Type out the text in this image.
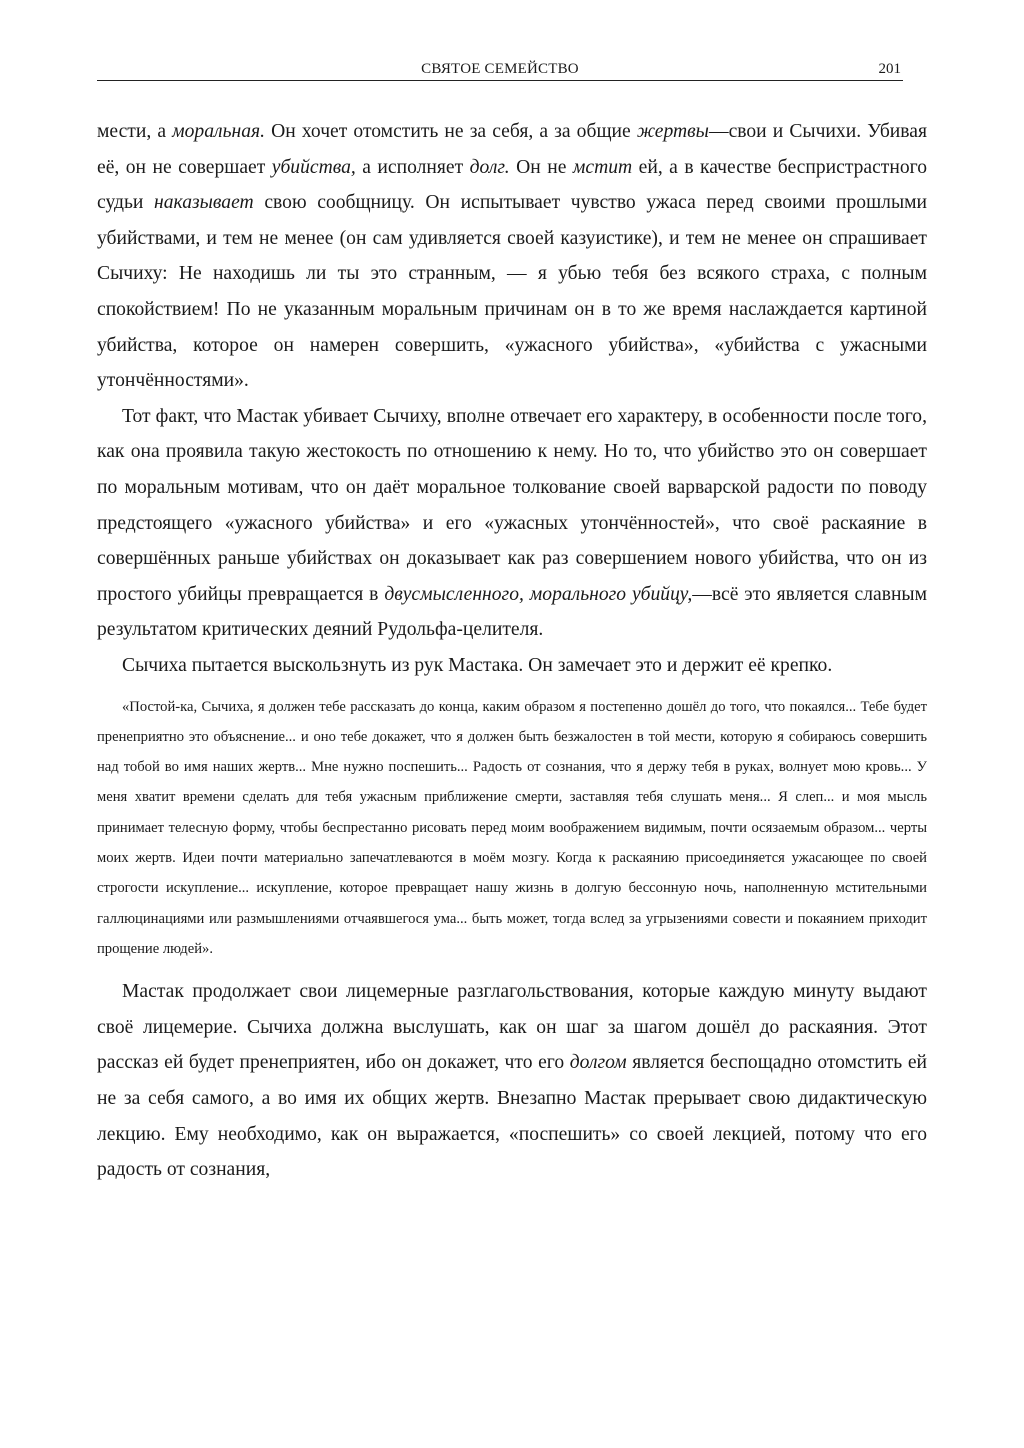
СВЯТОЕ СЕМЕЙСТВО	201

мести, а моральная. Он хочет отомстить не за себя, а за общие жертвы—свои и Сычихи. Убивая её, он не совершает убийства, а исполняет долг. Он не мстит ей, а в качестве беспристрастного судьи наказывает свою сообщницу. Он испытывает чувство ужаса перед своими прошлыми убийствами, и тем не менее (он сам удивляется своей казуистике), и тем не менее он спрашивает Сычиху: Не находишь ли ты это странным, — я убью тебя без всякого страха, с полным спокойствием! По не указанным моральным причинам он в то же время наслаждается картиной убийства, которое он намерен совершить, «ужасного убийства», «убийства с ужасными утончённостями».

Тот факт, что Мастак убивает Сычиху, вполне отвечает его характеру, в особенности после того, как она проявила такую жестокость по отношению к нему. Но то, что убийство это он совершает по моральным мотивам, что он даёт моральное толкование своей варварской радости по поводу предстоящего «ужасного убийства» и его «ужасных утончённостей», что своё раскаяние в совершённых раньше убийствах он доказывает как раз совершением нового убийства, что он из простого убийцы превращается в двусмысленного, морального убийцу,—всё это является славным результатом критических деяний Рудольфа-целителя.

Сычиха пытается выскользнуть из рук Мастака. Он замечает это и держит её крепко.

«Постой-ка, Сычиха, я должен тебе рассказать до конца, каким образом я постепенно дошёл до того, что покаялся... Тебе будет пренеприятно это объяснение... и оно тебе докажет, что я должен быть безжалостен в той мести, которую я собираюсь совершить над тобой во имя наших жертв... Мне нужно поспешить... Радость от сознания, что я держу тебя в руках, волнует мою кровь... У меня хватит времени сделать для тебя ужасным приближение смерти, заставляя тебя слушать меня... Я слеп... и моя мысль принимает телесную форму, чтобы беспрестанно рисовать перед моим воображением видимым, почти осязаемым образом... черты моих жертв. Идеи почти материально запечатлеваются в моём мозгу. Когда к раскаянию присоединяется ужасающее по своей строгости искупление... искупление, которое превращает нашу жизнь в долгую бессонную ночь, наполненную мстительными галлюцинациями или размышлениями отчаявшегося ума... быть может, тогда вслед за угрызениями совести и покаянием приходит прощение людей».

Мастак продолжает свои лицемерные разглагольствования, которые каждую минуту выдают своё лицемерие. Сычиха должна выслушать, как он шаг за шагом дошёл до раскаяния. Этот рассказ ей будет пренеприятен, ибо он докажет, что его долгом является беспощадно отомстить ей не за себя самого, а во имя их общих жертв. Внезапно Мастак прерывает свою дидактическую лекцию. Ему необходимо, как он выражается, «поспешить» со своей лекцией, потому что его радость от сознания,
